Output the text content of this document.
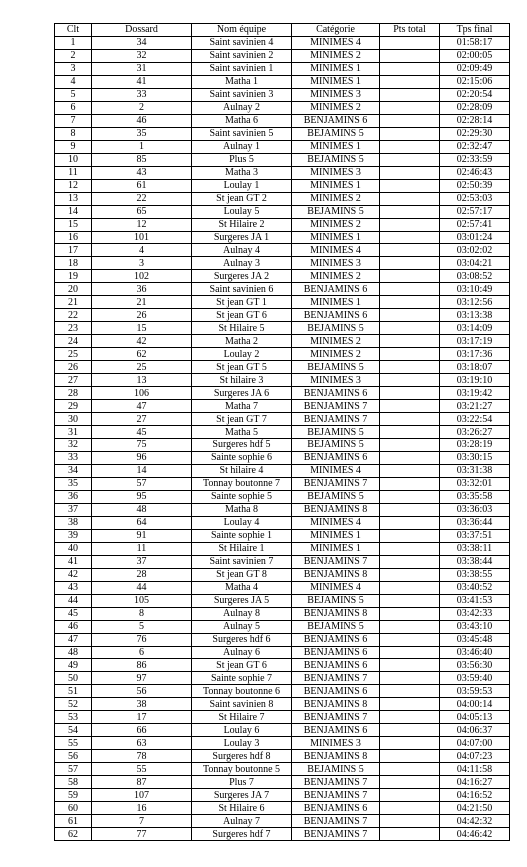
Clt	Dossard	Nom équipe	Catégorie	Pts total	Tps final
1	34	Saint savinien 4	MINIMES 4		01:58:17
2	32	Saint savinien 2	MINIMES 2		02:00:05
3	31	Saint savinien 1	MINIMES 1		02:09:49
4	41	Matha 1	MINIMES 1		02:15:06
5	33	Saint savinien 3	MINIMES 3		02:20:54
6	2	Aulnay 2	MINIMES 2		02:28:09
7	46	Matha 6	BENJAMINS 6		02:28:14
8	35	Saint savinien 5	BEJAMINS 5		02:29:30
9	1	Aulnay 1	MINIMES 1		02:32:47
10	85	Plus 5	BEJAMINS 5		02:33:59
11	43	Matha 3	MINIMES 3		02:46:43
12	61	Loulay 1	MINIMES 1		02:50:39
13	22	St jean GT 2	MINIMES 2		02:53:03
14	65	Loulay 5	BEJAMINS 5		02:57:17
15	12	St Hilaire 2	MINIMES 2		02:57:41
16	101	Surgeres JA 1	MINIMES 1		03:01:24
17	4	Aulnay 4	MINIMES 4		03:02:02
18	3	Aulnay 3	MINIMES 3		03:04:21
19	102	Surgeres JA 2	MINIMES 2		03:08:52
20	36	Saint savinien 6	BENJAMINS 6		03:10:49
21	21	St jean GT 1	MINIMES 1		03:12:56
22	26	St jean GT 6	BENJAMINS 6		03:13:38
23	15	St Hilaire 5	BEJAMINS 5		03:14:09
24	42	Matha 2	MINIMES 2		03:17:19
25	62	Loulay 2	MINIMES 2		03:17:36
26	25	St jean GT 5	BEJAMINS 5		03:18:07
27	13	St hilaire 3	MINIMES 3		03:19:10
28	106	Surgeres JA 6	BENJAMINS 6		03:19:42
29	47	Matha 7	BENJAMINS 7		03:21:27
30	27	St jean GT 7	BENJAMINS 7		03:22:54
31	45	Matha 5	BEJAMINS 5		03:26:27
32	75	Surgeres hdf 5	BEJAMINS 5		03:28:19
33	96	Sainte sophie 6	BENJAMINS 6		03:30:15
34	14	St hilaire 4	MINIMES 4		03:31:38
35	57	Tonnay boutonne 7	BENJAMINS 7		03:32:01
36	95	Sainte sophie 5	BEJAMINS 5		03:35:58
37	48	Matha 8	BENJAMINS 8		03:36:03
38	64	Loulay 4	MINIMES 4		03:36:44
39	91	Sainte sophie 1	MINIMES 1		03:37:51
40	11	St Hilaire 1	MINIMES 1		03:38:11
41	37	Saint savinien 7	BENJAMINS 7		03:38:44
42	28	St jean GT 8	BENJAMINS 8		03:38:55
43	44	Matha 4	MINIMES 4		03:40:52
44	105	Surgeres JA 5	BEJAMINS 5		03:41:53
45	8	Aulnay 8	BENJAMINS 8		03:42:33
46	5	Aulnay 5	BEJAMINS 5		03:43:10
47	76	Surgeres hdf 6	BENJAMINS 6		03:45:48
48	6	Aulnay 6	BENJAMINS 6		03:46:40
49	86	St jean GT 6	BENJAMINS 6		03:56:30
50	97	Sainte sophie 7	BENJAMINS 7		03:59:40
51	56	Tonnay boutonne 6	BENJAMINS 6		03:59:53
52	38	Saint savinien 8	BENJAMINS 8		04:00:14
53	17	St Hilaire 7	BENJAMINS 7		04:05:13
54	66	Loulay 6	BENJAMINS 6		04:06:37
55	63	Loulay 3	MINIMES 3		04:07:00
56	78	Surgeres hdf 8	BENJAMINS 8		04:07:23
57	55	Tonnay boutonne 5	BEJAMINS 5		04:11:58
58	87	Plus 7	BENJAMINS 7		04:16:27
59	107	Surgeres JA 7	BENJAMINS 7		04:16:52
60	16	St Hilaire 6	BENJAMINS 6		04:21:50
61	7	Aulnay 7	BENJAMINS 7		04:42:32
62	77	Surgeres hdf 7	BENJAMINS 7		04:46:42
